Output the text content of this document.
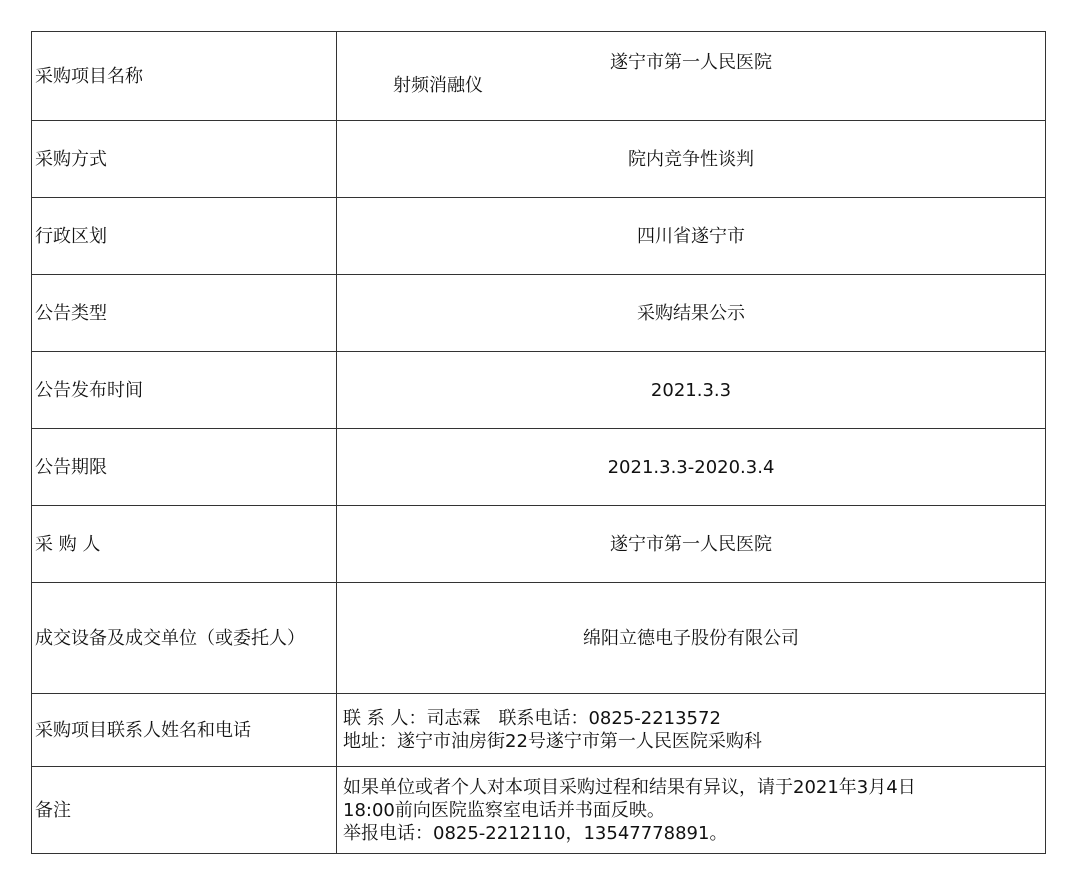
采购项目名称	遂宁市第一人民医院
射频消融仪

采购方式	院内竞争性谈判
行政区划	四川省遂宁市
公告类型	采购结果公示
公告发布时间	2021.3.3
公告期限	2021.3.3-2020.3.4
采 购 人	遂宁市第一人民医院
成交设备及成交单位（或委托人）	绵阳立德电子股份有限公司
采购项目联系人姓名和电话	联 系 人：司志霖　联系电话：0825-2213572
地址：遂宁市油房街22号遂宁市第一人民医院采购科

备注	如果单位或者个人对本项目采购过程和结果有异议，请于2021年3月4日
18:00前向医院监察室电话并书面反映。
举报电话：0825-2212110，13547778891。
